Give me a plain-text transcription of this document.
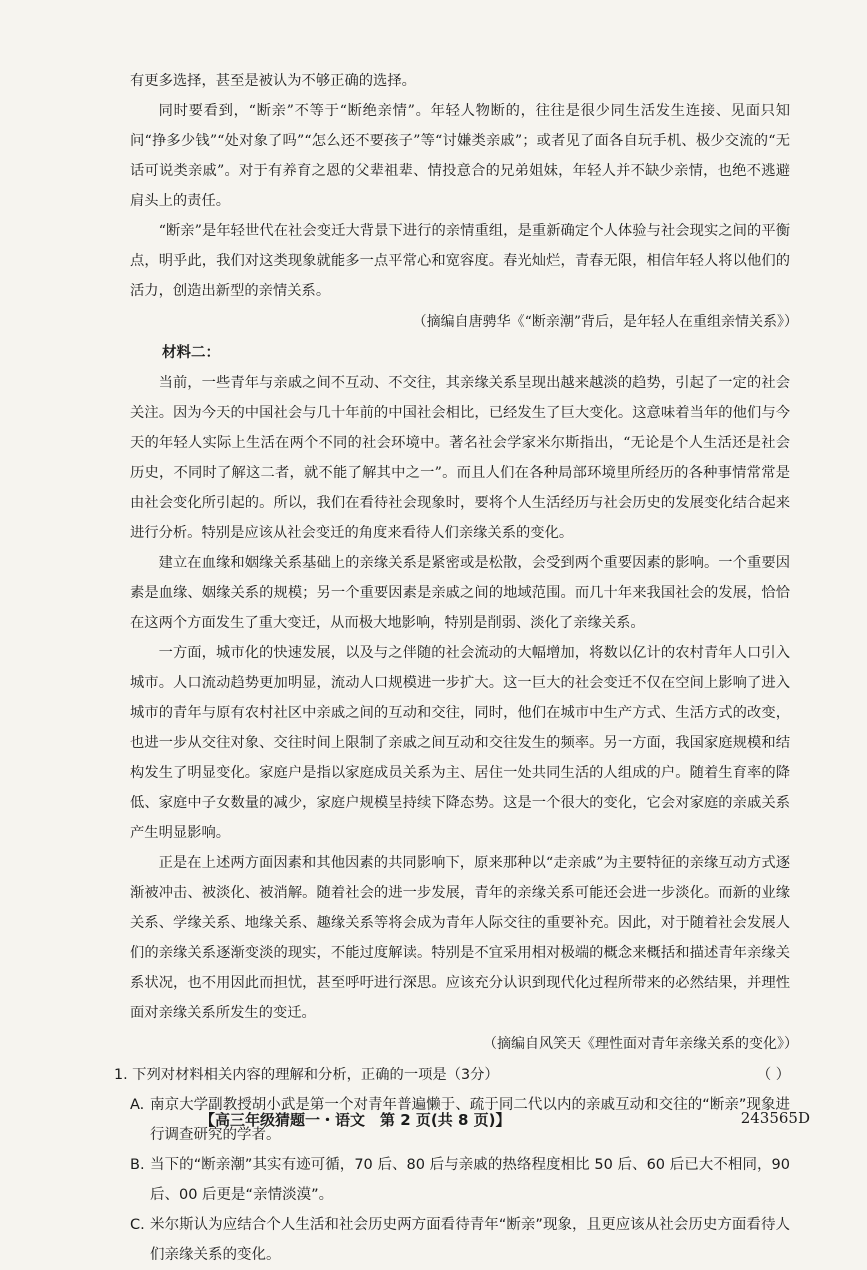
有更多选择，甚至是被认为不够正确的选择。

同时要看到，“断亲”不等于“断绝亲情”。年轻人物断的，往往是很少同生活发生连接、见面只知问“挣多少钱”“处对象了吗”“怎么还不要孩子”等“讨嫌类亲戚”；或者见了面各自玩手机、极少交流的“无话可说类亲戚”。对于有养育之恩的父辈祖辈、情投意合的兄弟姐妹，年轻人并不缺少亲情，也绝不逃避肩头上的责任。

“断亲”是年轻世代在社会变迁大背景下进行的亲情重组，是重新确定个人体验与社会现实之间的平衡点，明乎此，我们对这类现象就能多一点平常心和宽容度。春光灿烂，青春无限，相信年轻人将以他们的活力，创造出新型的亲情关系。

（摘编自唐骋华《“断亲潮”背后，是年轻人在重组亲情关系》）

材料二：

当前，一些青年与亲戚之间不互动、不交往，其亲缘关系呈现出越来越淡的趋势，引起了一定的社会关注。因为今天的中国社会与几十年前的中国社会相比，已经发生了巨大变化。这意味着当年的他们与今天的年轻人实际上生活在两个不同的社会环境中。著名社会学家米尔斯指出，“无论是个人生活还是社会历史，不同时了解这二者，就不能了解其中之一”。而且人们在各种局部环境里所经历的各种事情常常是由社会变化所引起的。所以，我们在看待社会现象时，要将个人生活经历与社会历史的发展变化结合起来进行分析。特别是应该从社会变迁的角度来看待人们亲缘关系的变化。

建立在血缘和姻缘关系基础上的亲缘关系是紧密或是松散，会受到两个重要因素的影响。一个重要因素是血缘、姻缘关系的规模；另一个重要因素是亲戚之间的地域范围。而几十年来我国社会的发展，恰恰在这两个方面发生了重大变迁，从而极大地影响，特别是削弱、淡化了亲缘关系。

一方面，城市化的快速发展，以及与之伴随的社会流动的大幅增加，将数以亿计的农村青年人口引入城市。人口流动趋势更加明显，流动人口规模进一步扩大。这一巨大的社会变迁不仅在空间上影响了进入城市的青年与原有农村社区中亲戚之间的互动和交往，同时，他们在城市中生产方式、生活方式的改变，也进一步从交往对象、交往时间上限制了亲戚之间互动和交往发生的频率。另一方面，我国家庭规模和结构发生了明显变化。家庭户是指以家庭成员关系为主、居住一处共同生活的人组成的户。随着生育率的降低、家庭中子女数量的减少，家庭户规模呈持续下降态势。这是一个很大的变化，它会对家庭的亲戚关系产生明显影响。

正是在上述两方面因素和其他因素的共同影响下，原来那种以“走亲戚”为主要特征的亲缘互动方式逐渐被冲击、被淡化、被消解。随着社会的进一步发展，青年的亲缘关系可能还会进一步淡化。而新的业缘关系、学缘关系、地缘关系、趣缘关系等将会成为青年人际交往的重要补充。因此，对于随着社会发展人们的亲缘关系逐渐变淡的现实，不能过度解读。特别是不宜采用相对极端的概念来概括和描述青年亲缘关系状况，也不用因此而担忧，甚至呼吁进行深思。应该充分认识到现代化过程所带来的必然结果，并理性面对亲缘关系所发生的变迁。

（摘编自风笑天《理性面对青年亲缘关系的变化》）

1. 下列对材料相关内容的理解和分析，正确的一项是（3分）	（ ）

A. 南京大学副教授胡小武是第一个对青年普遍懒于、疏于同二代以内的亲戚互动和交往的“断亲”现象进行调查研究的学者。

B. 当下的“断亲潮”其实有迹可循，70 后、80 后与亲戚的热络程度相比 50 后、60 后已大不相同，90 后、00 后更是“亲情淡漠”。

C. 米尔斯认为应结合个人生活和社会历史两方面看待青年“断亲”现象，且更应该从社会历史方面看待人们亲缘关系的变化。

【高三年级猜题一・语文　第 2 页(共 8 页)】	243565D
